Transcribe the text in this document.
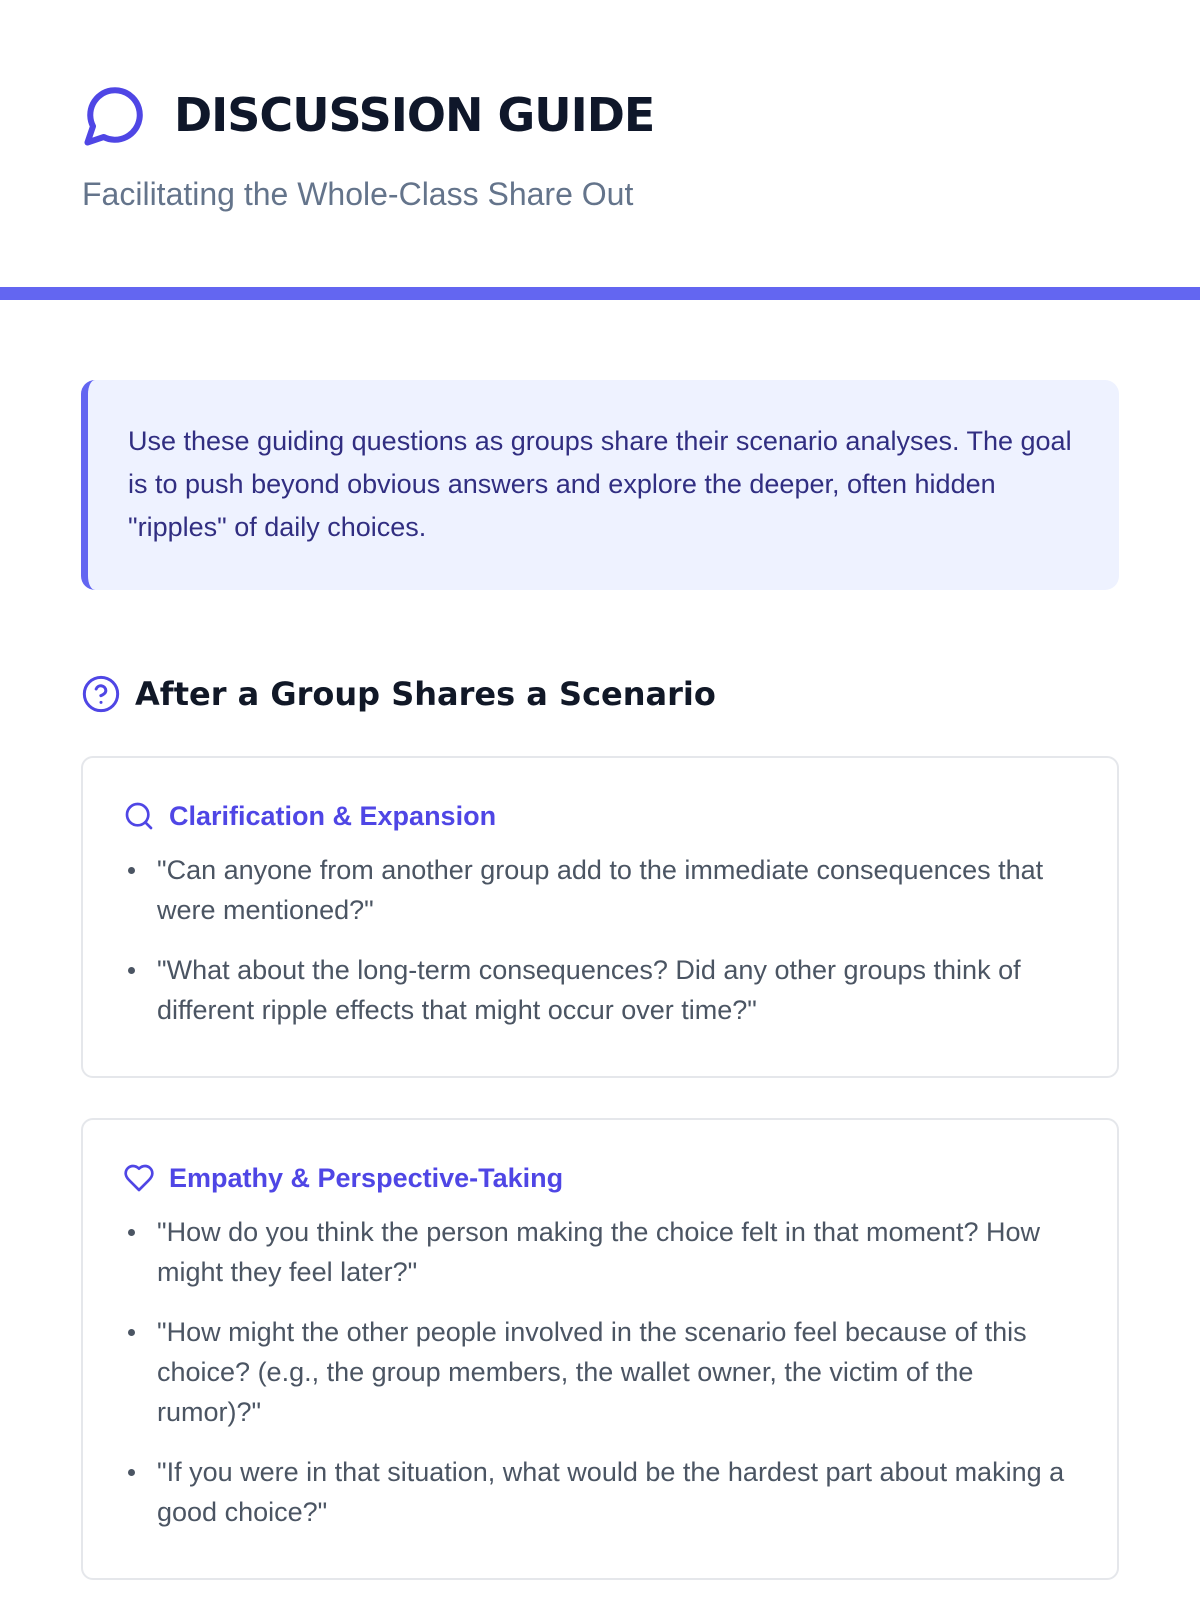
DISCUSSION GUIDE
Facilitating the Whole-Class Share Out
Use these guiding questions as groups share their scenario analyses. The goal is to push beyond obvious answers and explore the deeper, often hidden "ripples" of daily choices.
After a Group Shares a Scenario
Clarification & Expansion
"Can anyone from another group add to the immediate consequences that were mentioned?"
"What about the long-term consequences? Did any other groups think of different ripple effects that might occur over time?"
Empathy & Perspective-Taking
"How do you think the person making the choice felt in that moment? How might they feel later?"
"How might the other people involved in the scenario feel because of this choice? (e.g., the group members, the wallet owner, the victim of the rumor)?"
"If you were in that situation, what would be the hardest part about making a good choice?"
